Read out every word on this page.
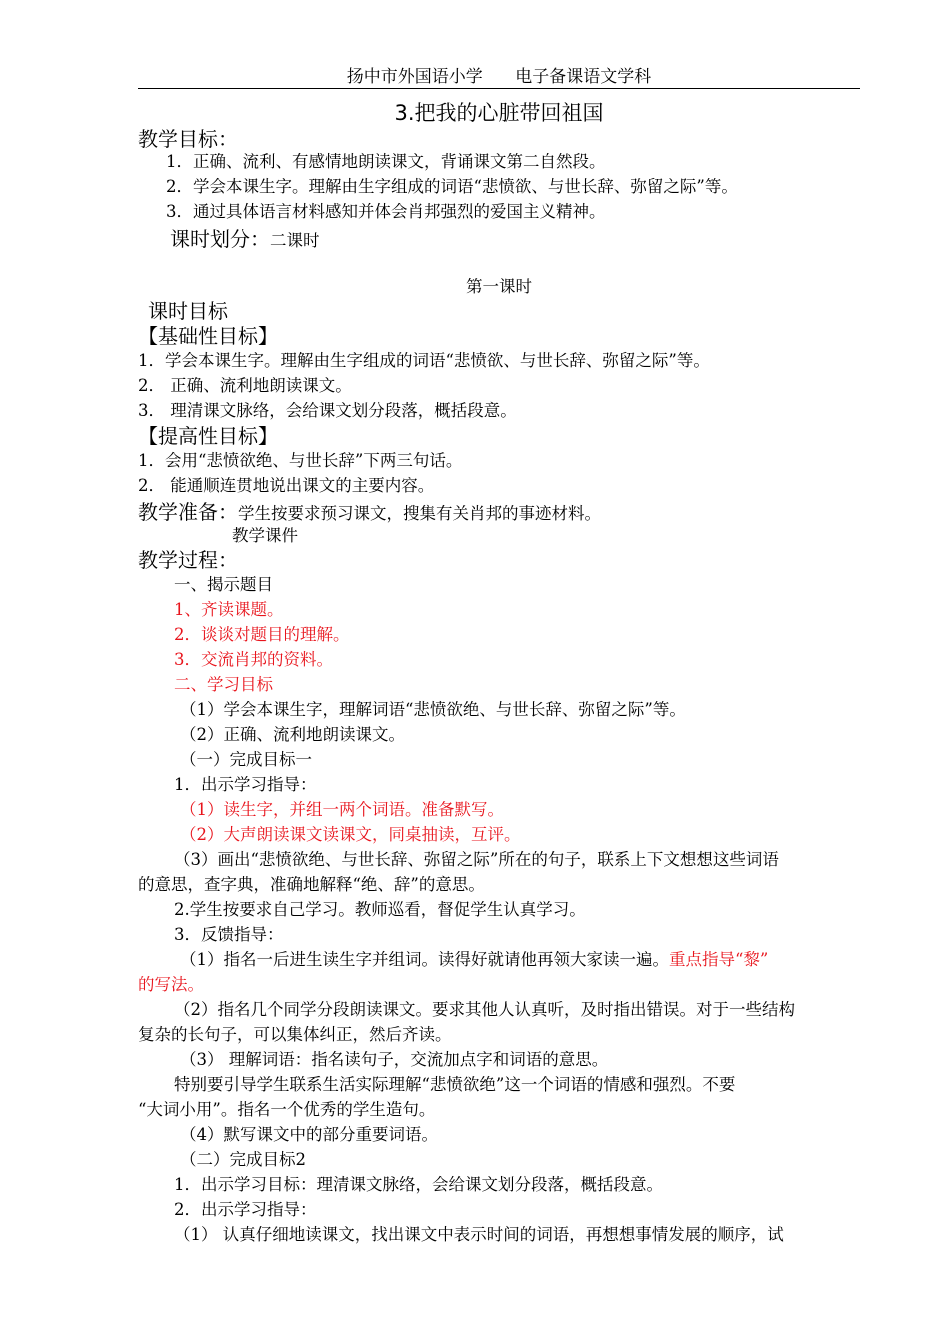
扬中市外国语小学 电子备课语文学科
3.把我的心脏带回祖国
教学目标：
1．正确、流利、有感情地朗读课文，背诵课文第二自然段。
2．学会本课生字。理解由生字组成的词语“悲愤欲、与世长辞、弥留之际”等。
3．通过具体语言材料感知并体会肖邦强烈的爱国主义精神。
课时划分：二课时
第一课时
课时目标
【基础性目标】
1．学会本课生字。理解由生字组成的词语“悲愤欲、与世长辞、弥留之际”等。
2． 正确、流利地朗读课文。
3． 理清课文脉络，会给课文划分段落，概括段意。
【提高性目标】
1．会用“悲愤欲绝、与世长辞”下两三句话。
2． 能通顺连贯地说出课文的主要内容。
教学准备：学生按要求预习课文，搜集有关肖邦的事迹材料。
教学课件
教学过程：
一、揭示题目
1、齐读课题。
2．谈谈对题目的理解。
3．交流肖邦的资料。
二、学习目标
（1）学会本课生字，理解词语“悲愤欲绝、与世长辞、弥留之际”等。
（2）正确、流利地朗读课文。
（一）完成目标一
1．出示学习指导：
（1）读生字，并组一两个词语。准备默写。
（2）大声朗读课文读课文，同桌抽读，互评。
（3）画出“悲愤欲绝、与世长辞、弥留之际”所在的句子，联系上下文想想这些词语
的意思，查字典，准确地解释“绝、辞”的意思。
2.学生按要求自己学习。教师巡看，督促学生认真学习。
3．反馈指导：
（1）指名一后进生读生字并组词。读得好就请他再领大家读一遍。重点指导“黎”
的写法。
（2）指名几个同学分段朗读课文。要求其他人认真听，及时指出错误。对于一些结构
复杂的长句子，可以集体纠正，然后齐读。
（3） 理解词语：指名读句子，交流加点字和词语的意思。
特别要引导学生联系生活实际理解“悲愤欲绝”这一个词语的情感和强烈。不要
“大词小用”。指名一个优秀的学生造句。
（4）默写课文中的部分重要词语。
（二）完成目标2
1．出示学习目标：理清课文脉络，会给课文划分段落，概括段意。
2．出示学习指导：
（1） 认真仔细地读课文，找出课文中表示时间的词语，再想想事情发展的顺序，试
